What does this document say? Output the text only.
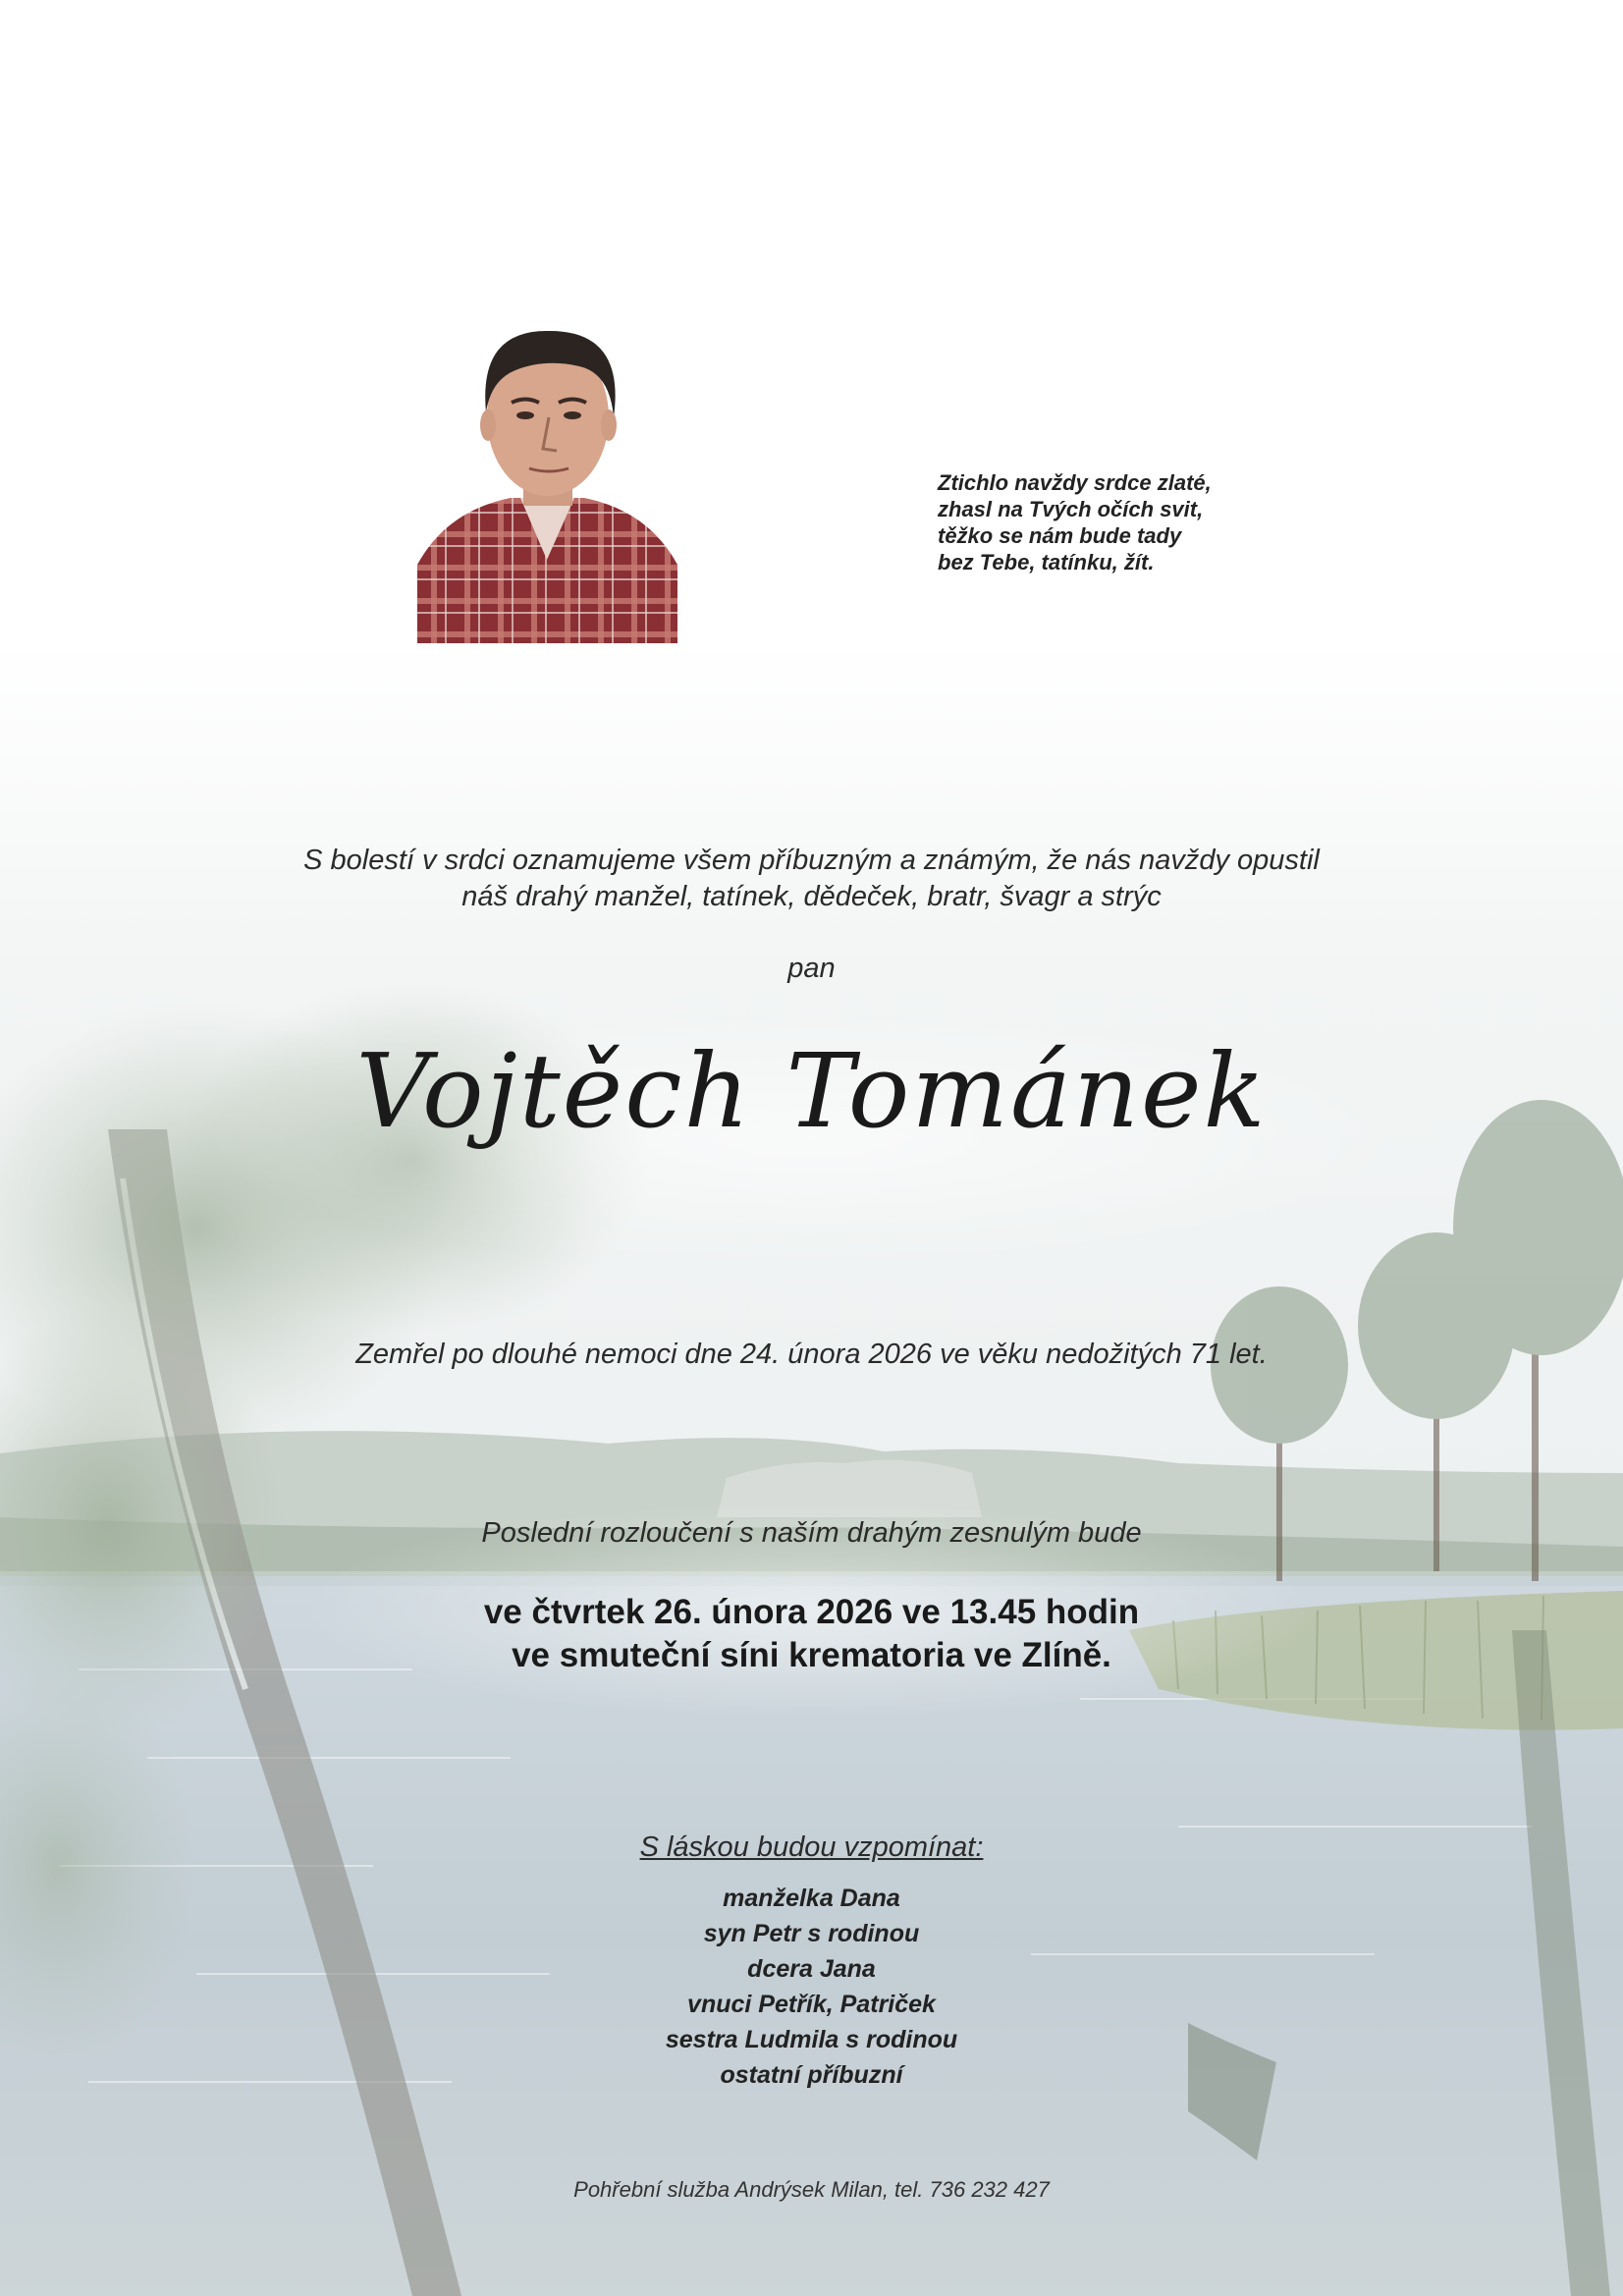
Ztichlo navždy srdce zlaté,
zhasl na Tvých očích svit,
těžko se nám bude tady
bez Tebe, tatínku, žít.
S bolestí v srdci oznamujeme všem příbuzným a známým, že nás navždy opustil
náš drahý manžel, tatínek, dědeček, bratr, švagr a strýc
pan
Vojtěch Tománek
Zemřel po dlouhé nemoci dne 24. února 2026 ve věku nedožitých 71 let.
Poslední rozloučení s naším drahým zesnulým bude
ve čtvrtek 26. února 2026 ve 13.45 hodin
ve smuteční síni krematoria ve Zlíně.
S láskou budou vzpomínat:
manželka Dana
syn Petr s rodinou
dcera Jana
vnuci Petřík, Patriček
sestra Ludmila s rodinou
ostatní příbuzní
Pohřební služba Andrýsek Milan, tel. 736 232 427
